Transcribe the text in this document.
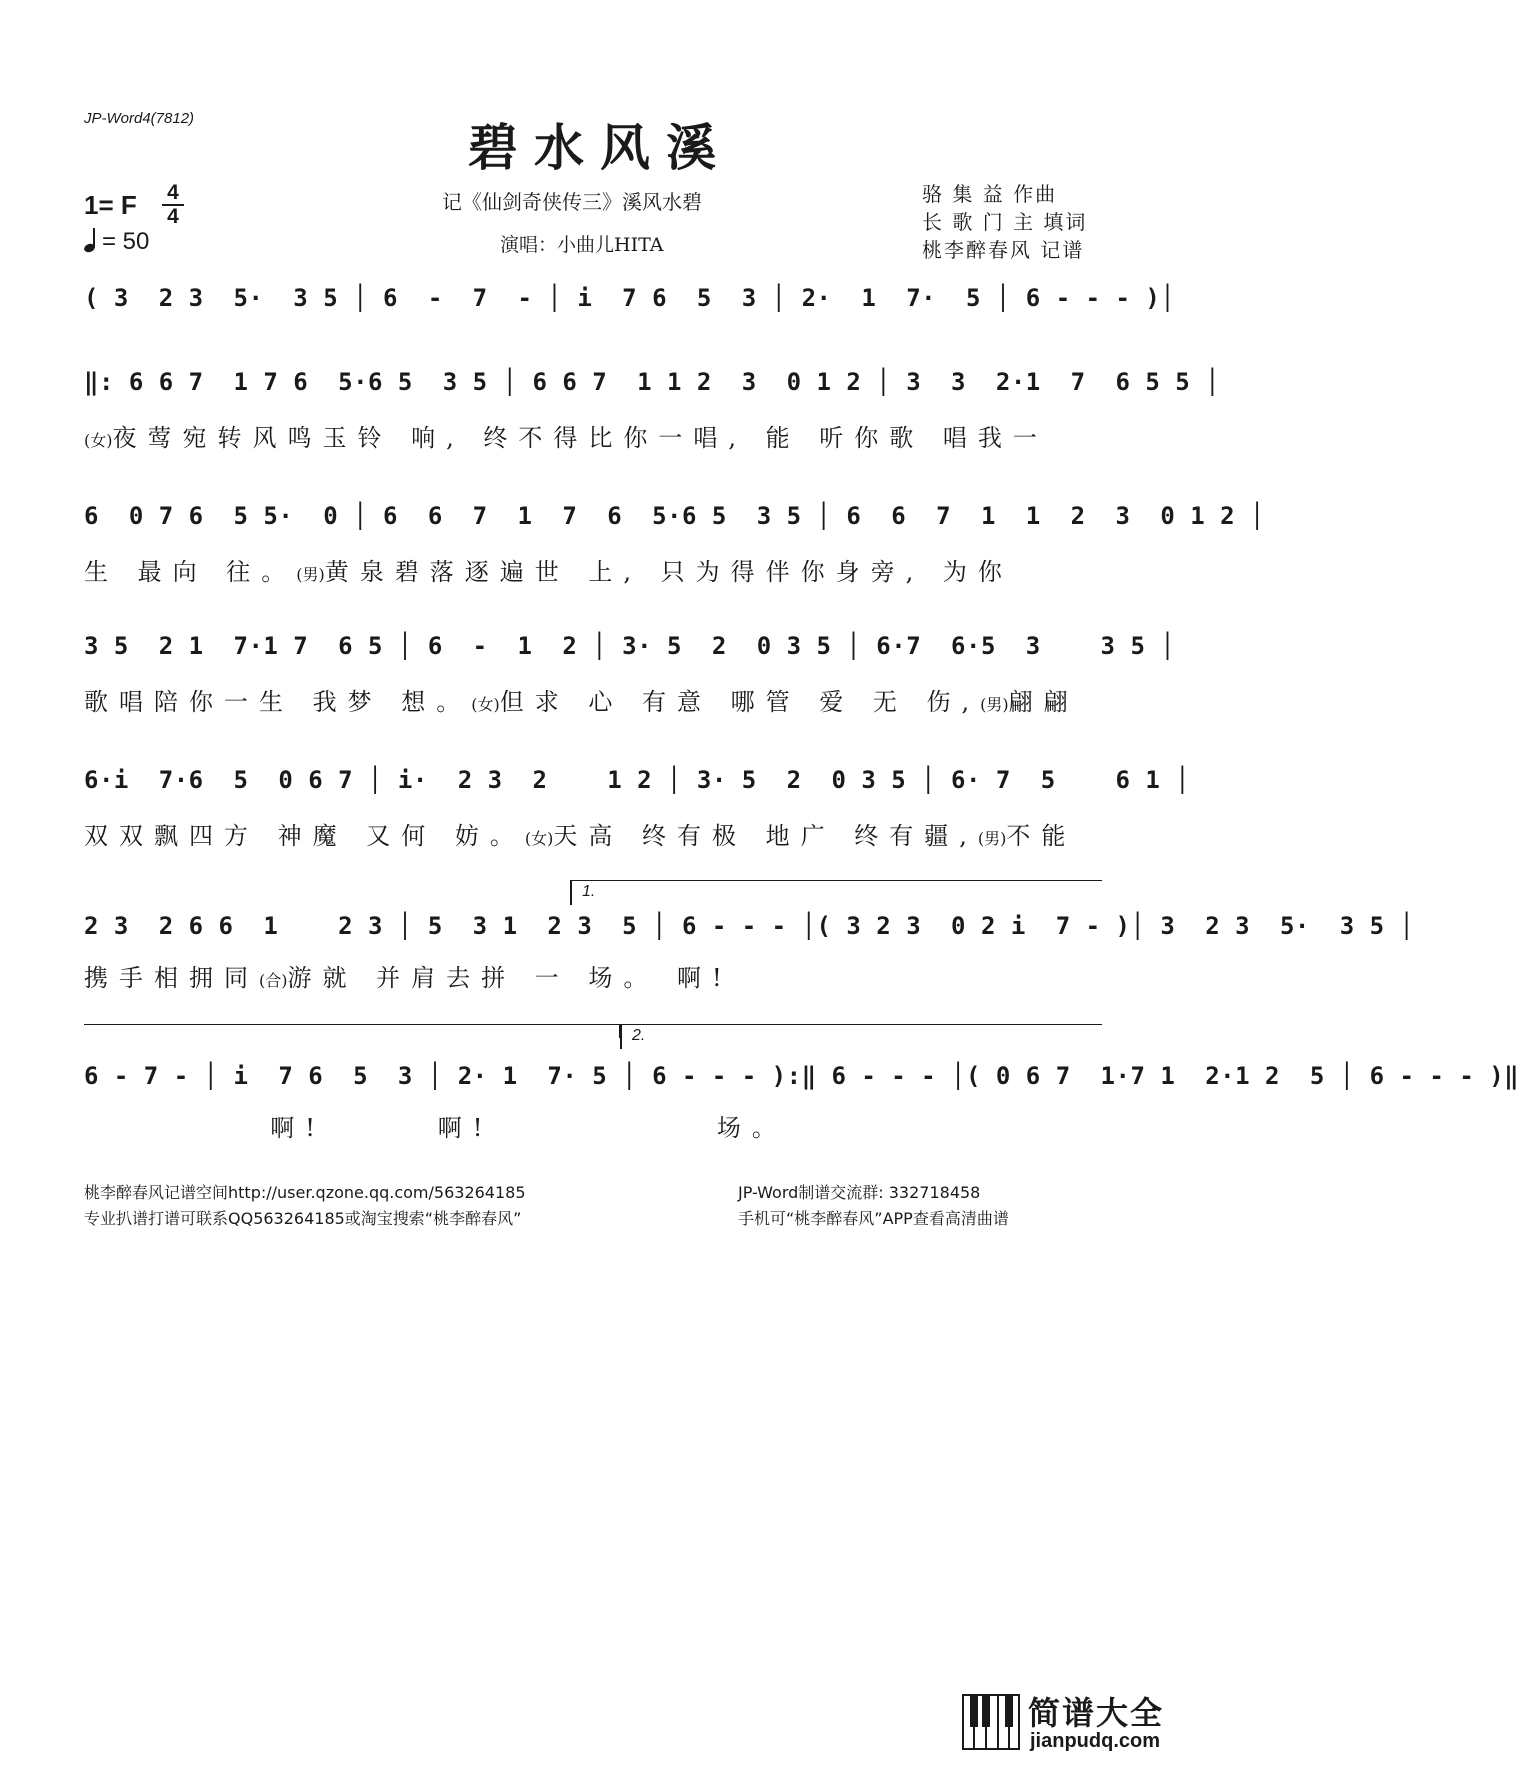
JP-Word4(7812)	碧水风溪
记《仙剑奇侠传三》溪风水碧
演唱：小曲儿HITA
1= F 4
4
= 50
骆 集 益 作曲
长 歌 门 主 填词
桃李醉春风 记谱
( 3  2 3  5·  3 5 │ 6  -  7  - │ i  7 6  5  3 │ 2·  1  7·  5 │ 6 - - - )│
‖: 6 6 7  1 7 6  5·6 5  3 5 │ 6 6 7  1 1 2  3  0 1 2 │ 3  3  2·1  7  6 5 5 │
(女)夜莺宛转风鸣玉铃 响, 终不得比你一唱, 能 听你歌 唱我一
6  0 7 6  5 5·  0 │ 6  6  7  1  7  6  5·6 5  3 5 │ 6  6  7  1  1  2  3  0 1 2 │
生 最向 往。(男)黄泉碧落逐遍世 上, 只为得伴你身旁, 为你
3 5  2 1  7·1 7  6 5 │ 6  -  1  2 │ 3· 5  2  0 3 5 │ 6·7  6·5  3    3 5 │
歌唱陪你一生 我梦 想。(女)但求 心 有意 哪管 爱 无 伤,(男)翩翩
6·i  7·6  5  0 6 7 │ i·  2 3  2    1 2 │ 3· 5  2  0 3 5 │ 6· 7  5    6 1 │
双双飘四方 神魔 又何 妨。(女)天高 终有极 地广 终有疆,(男)不能
1.
2 3  2 6 6  1    2 3 │ 5  3 1  2 3  5 │ 6 - - - │( 3 2 3  0 2 i  7 - )│ 3  2 3  5·  3 5 │
携手相拥同(合)游就 并肩去拼 一 场。 啊!
2.
6 - 7 - │ i  7 6  5  3 │ 2· 1  7· 5 │ 6 - - - ):‖ 6 - - - │( 0 6 7  1·7 1  2·1 2  5 │ 6 - - - )‖
啊!      啊!            场。
桃李醉春风记谱空间http://user.qzone.qq.com/563264185
专业扒谱打谱可联系QQ563264185或淘宝搜索“桃李醉春风”
JP-Word制谱交流群: 332718458
手机可“桃李醉春风”APP查看高清曲谱
简谱大全
jianpudq.com
